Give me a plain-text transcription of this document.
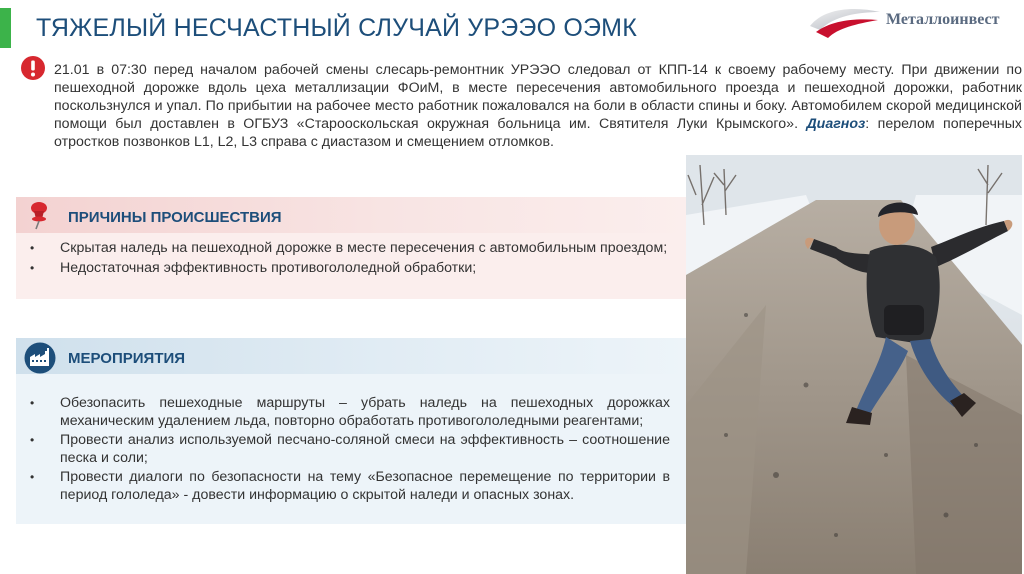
ТЯЖЕЛЫЙ НЕСЧАСТНЫЙ СЛУЧАЙ УРЭЭО ОЭМК	Металлоинвест

21.01 в 07:30 перед началом рабочей смены слесарь-ремонтник УРЭЭО следовал от КПП-14 к своему рабочему месту. При движении по пешеходной дорожке вдоль цеха металлизации ФОиМ, в месте пересечения автомобильного проезда и пешеходной дорожки, работник поскользнулся и упал. По прибытии на рабочее место работник пожаловался на боли в области спины и боку. Автомобилем скорой медицинской помощи был доставлен в ОГБУЗ «Старооскольская окружная больница им. Святителя Луки Крымского». Диагноз: перелом поперечных отростков позвонков L1, L2, L3 справа с диастазом и смещением отломков.

ПРИЧИНЫ ПРОИСШЕСТВИЯ
• Скрытая наледь на пешеходной дорожке в месте пересечения с автомобильным проездом;
• Недостаточная эффективность противогололедной обработки;
МЕРОПРИЯТИЯ
• Обезопасить пешеходные маршруты – убрать наледь на пешеходных дорожках механическим удалением льда, повторно обработать противогололедными реагентами;
• Провести анализ используемой песчано-соляной смеси на эффективность – соотношение песка и соли;
• Провести диалоги по безопасности на тему «Безопасное перемещение по территории в период гололеда» - довести информацию о скрытой наледи и опасных зонах.
